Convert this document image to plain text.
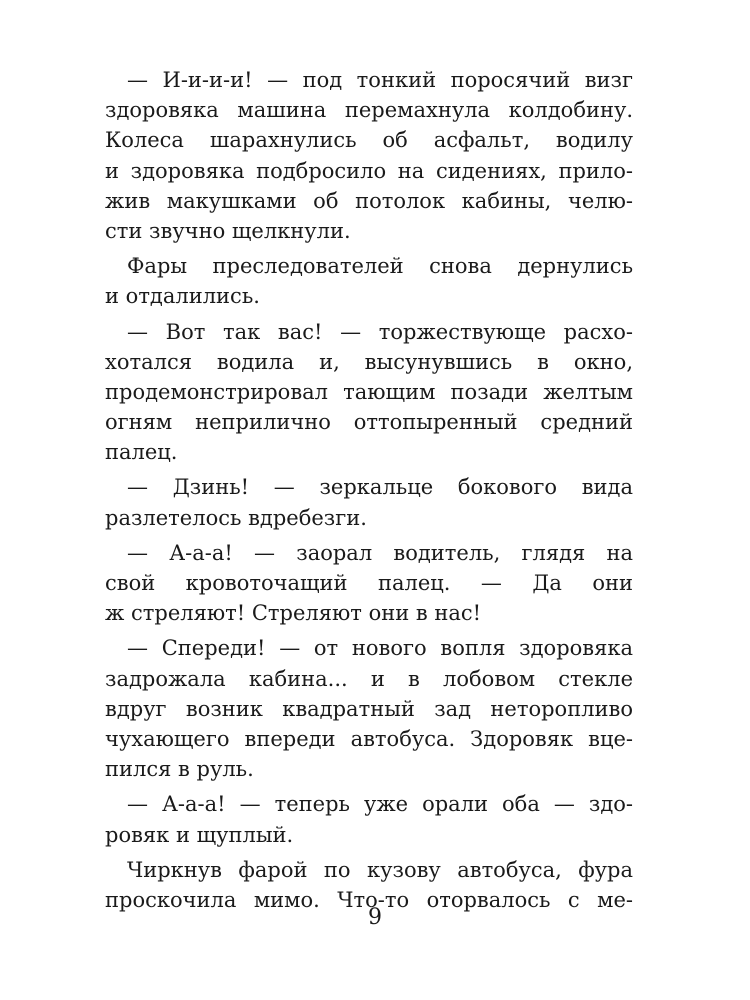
— И-и-и-и! — под тонкий поросячий визг
здоровяка машина перемахнула колдобину.
Колеса шарахнулись об асфальт, водилу
и здоровяка подбросило на сидениях, прило-
жив макушками об потолок кабины, челю-
сти звучно щелкнули.
Фары преследователей снова дернулись
и отдалились.
— Вот так вас! — торжествующе расхо-
хотался водила и, высунувшись в окно,
продемонстрировал тающим позади желтым
огням неприлично оттопыренный средний
палец.
— Дзинь! — зеркальце бокового вида
разлетелось вдребезги.
— А-а-а! — заорал водитель, глядя на
свой кровоточащий палец. — Да они
ж стреляют! Стреляют они в нас!
— Спереди! — от нового вопля здоровяка
задрожала кабина... и в лобовом стекле
вдруг возник квадратный зад неторопливо
чухающего впереди автобуса. Здоровяк вце-
пился в руль.
— А-а-а! — теперь уже орали оба — здо-
ровяк и щуплый.
Чиркнув фарой по кузову автобуса, фура
проскочила мимо. Что-то оторвалось с ме-
9
